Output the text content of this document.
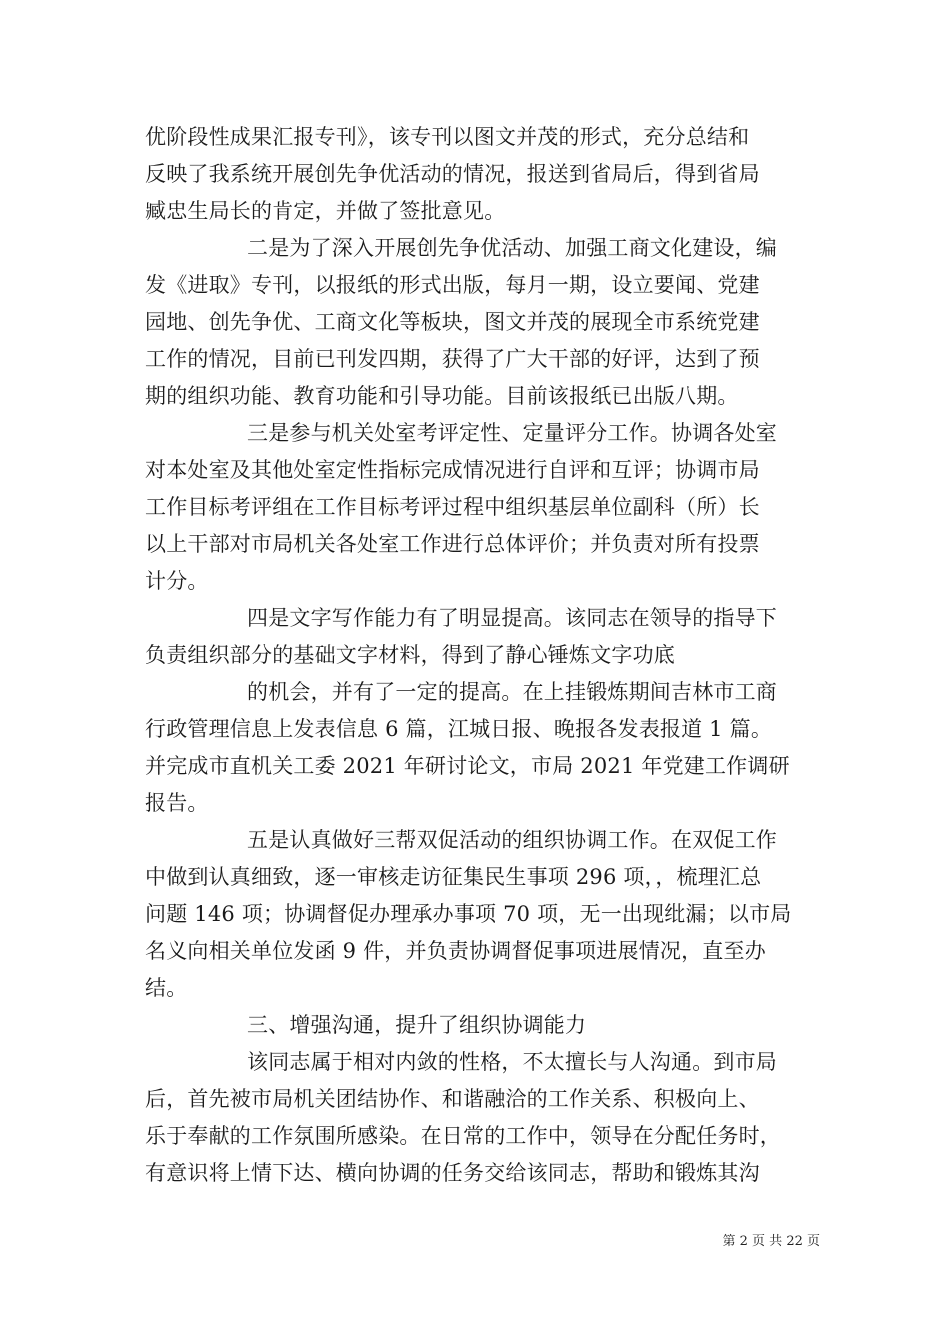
优阶段性成果汇报专刊》，该专刊以图文并茂的形式，充分总结和
反映了我系统开展创先争优活动的情况，报送到省局后，得到省局
臧忠生局长的肯定，并做了签批意见。
二是为了深入开展创先争优活动、加强工商文化建设，编
发《进取》专刊，以报纸的形式出版，每月一期，设立要闻、党建
园地、创先争优、工商文化等板块，图文并茂的展现全市系统党建
工作的情况，目前已刊发四期，获得了广大干部的好评，达到了预
期的组织功能、教育功能和引导功能。目前该报纸已出版八期。
三是参与机关处室考评定性、定量评分工作。协调各处室
对本处室及其他处室定性指标完成情况进行自评和互评；协调市局
工作目标考评组在工作目标考评过程中组织基层单位副科（所）长
以上干部对市局机关各处室工作进行总体评价；并负责对所有投票
计分。
四是文字写作能力有了明显提高。该同志在领导的指导下
负责组织部分的基础文字材料，得到了静心锤炼文字功底
的机会，并有了一定的提高。在上挂锻炼期间吉林市工商
行政管理信息上发表信息 6 篇，江城日报、晚报各发表报道 1 篇。
并完成市直机关工委 2021 年研讨论文，市局 2021 年党建工作调研
报告。
五是认真做好三帮双促活动的组织协调工作。在双促工作
中做到认真细致，逐一审核走访征集民生事项 296 项，，梳理汇总
问题 146 项；协调督促办理承办事项 70 项，无一出现纰漏；以市局
名义向相关单位发函 9 件，并负责协调督促事项进展情况，直至办
结。
三、增强沟通，提升了组织协调能力
该同志属于相对内敛的性格，不太擅长与人沟通。到市局
后，首先被市局机关团结协作、和谐融洽的工作关系、积极向上、
乐于奉献的工作氛围所感染。在日常的工作中，领导在分配任务时，
有意识将上情下达、横向协调的任务交给该同志，帮助和锻炼其沟
第 2 页 共 22 页
